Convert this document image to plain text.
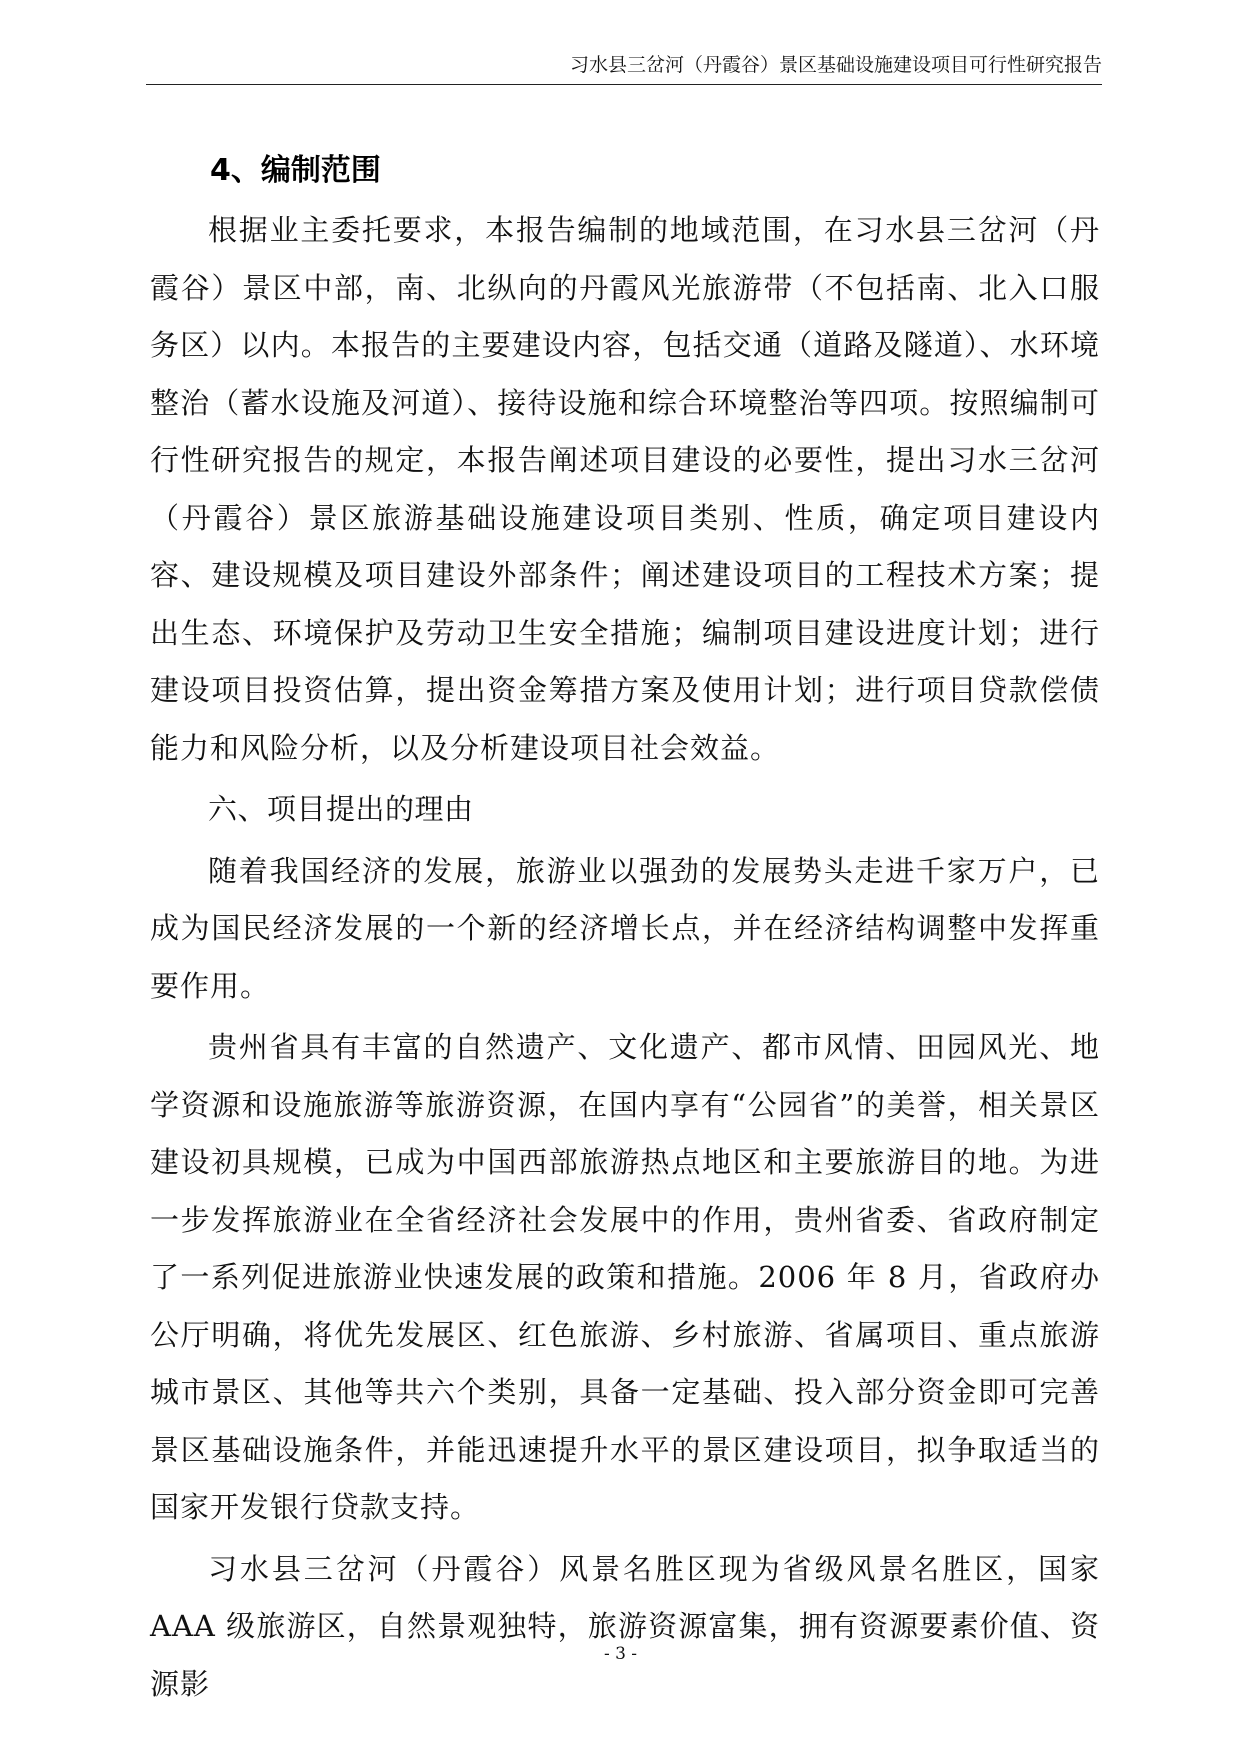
习水县三岔河（丹霞谷）景区基础设施建设项目可行性研究报告
4、编制范围

根据业主委托要求，本报告编制的地域范围，在习水县三岔河（丹霞谷）景区中部，南、北纵向的丹霞风光旅游带（不包括南、北入口服务区）以内。本报告的主要建设内容，包括交通（道路及隧道）、水环境整治（蓄水设施及河道）、接待设施和综合环境整治等四项。按照编制可行性研究报告的规定，本报告阐述项目建设的必要性，提出习水三岔河（丹霞谷）景区旅游基础设施建设项目类别、性质，确定项目建设内容、建设规模及项目建设外部条件；阐述建设项目的工程技术方案；提出生态、环境保护及劳动卫生安全措施；编制项目建设进度计划；进行建设项目投资估算，提出资金筹措方案及使用计划；进行项目贷款偿债能力和风险分析，以及分析建设项目社会效益。

六、项目提出的理由

随着我国经济的发展，旅游业以强劲的发展势头走进千家万户，已成为国民经济发展的一个新的经济增长点，并在经济结构调整中发挥重要作用。

贵州省具有丰富的自然遗产、文化遗产、都市风情、田园风光、地学资源和设施旅游等旅游资源，在国内享有“公园省”的美誉，相关景区建设初具规模，已成为中国西部旅游热点地区和主要旅游目的地。为进一步发挥旅游业在全省经济社会发展中的作用，贵州省委、省政府制定了一系列促进旅游业快速发展的政策和措施。2006 年 8 月，省政府办公厅明确，将优先发展区、红色旅游、乡村旅游、省属项目、重点旅游城市景区、其他等共六个类别，具备一定基础、投入部分资金即可完善景区基础设施条件，并能迅速提升水平的景区建设项目，拟争取适当的国家开发银行贷款支持。

习水县三岔河（丹霞谷）风景名胜区现为省级风景名胜区，国家 AAA 级旅游区，自然景观独特，旅游资源富集，拥有资源要素价值、资源影

- 3 -
